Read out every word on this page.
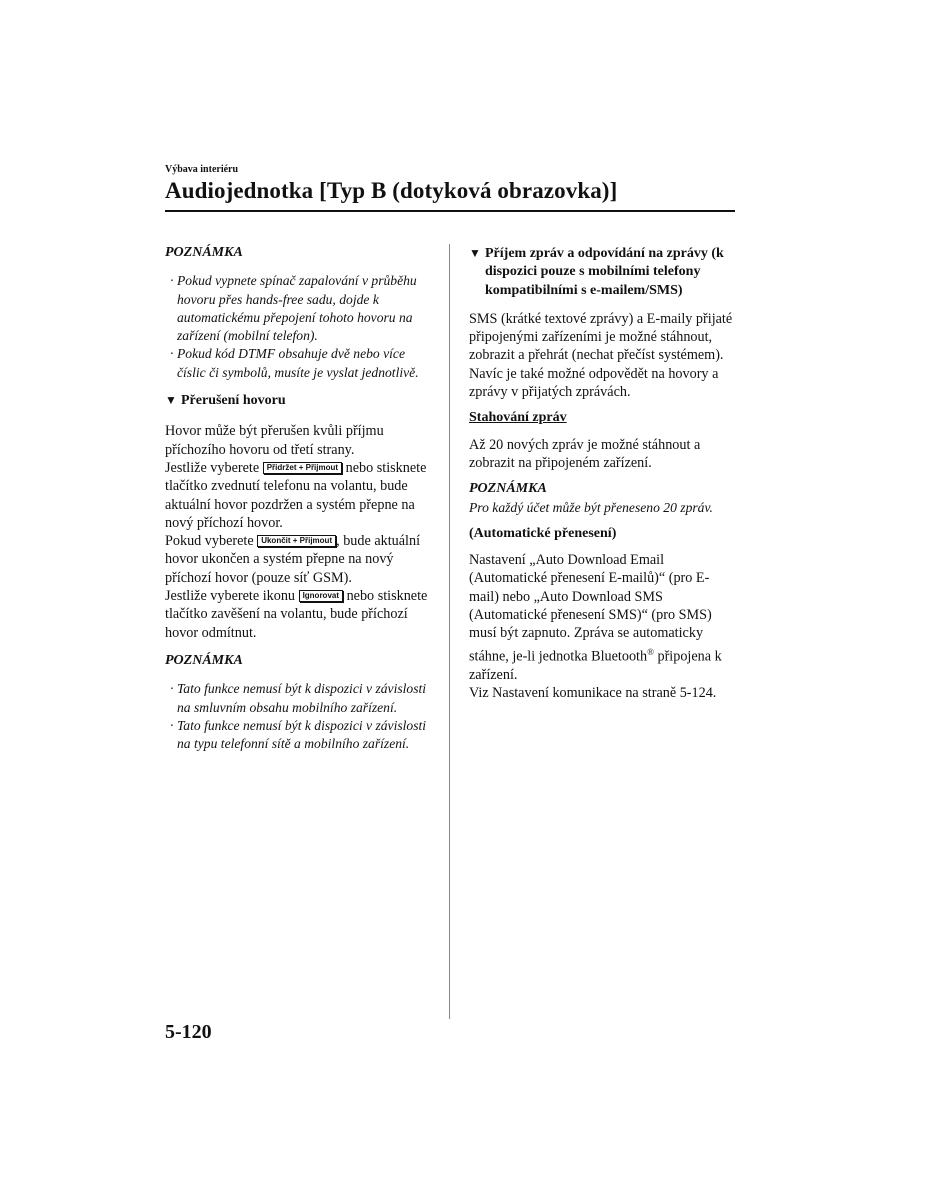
Výbava interiéru
Audiojednotka [Typ B (dotyková obrazovka)]
POZNÁMKA
· Pokud vypnete spínač zapalování v průběhu hovoru přes hands-free sadu, dojde k automatickému přepojení tohoto hovoru na zařízení (mobilní telefon).
· Pokud kód DTMF obsahuje dvě nebo více číslic či symbolů, musíte je vyslat jednotlivě.
▼ Přerušení hovoru

Hovor může být přerušen kvůli příjmu příchozího hovoru od třetí strany.

Jestliže vyberete Přidržet + Přijmout nebo stisknete tlačítko zvednutí telefonu na volantu, bude aktuální hovor pozdržen a systém přepne na nový příchozí hovor.

Pokud vyberete Ukončit + Přijmout , bude aktuální hovor ukončen a systém přepne na nový příchozí hovor (pouze síť GSM).

Jestliže vyberete ikonu Ignorovat nebo stisknete tlačítko zavěšení na volantu, bude příchozí hovor odmítnut.

POZNÁMKA
· Tato funkce nemusí být k dispozici v závislosti na smluvním obsahu mobilního zařízení.
· Tato funkce nemusí být k dispozici v závislosti na typu telefonní sítě a mobilního zařízení.
▼ Příjem zpráv a odpovídání na zprávy (k dispozici pouze s mobilními telefony kompatibilními s e-mailem/SMS)

SMS (krátké textové zprávy) a E-maily přijaté připojenými zařízeními je možné stáhnout, zobrazit a přehrát (nechat přečíst systémem).

Navíc je také možné odpovědět na hovory a zprávy v přijatých zprávách.

Stahování zpráv

Až 20 nových zpráv je možné stáhnout a zobrazit na připojeném zařízení.

POZNÁMKA

Pro každý účet může být přeneseno 20 zpráv.

(Automatické přenesení)

Nastavení „Auto Download Email (Automatické přenesení E-mailů)“ (pro E-mail) nebo „Auto Download SMS (Automatické přenesení SMS)“ (pro SMS) musí být zapnuto. Zpráva se automaticky stáhne, je-li jednotka Bluetooth® připojena k zařízení.

Viz Nastavení komunikace na straně 5-124.

5-120
